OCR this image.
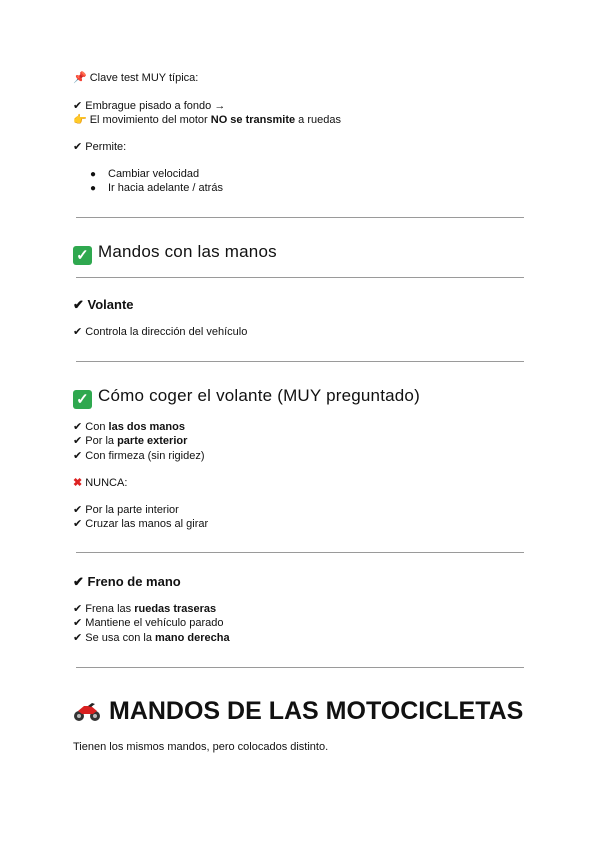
📌 Clave test MUY típica:
✔ Embrague pisado a fondo →
👉 El movimiento del motor NO se transmite a ruedas
✔ Permite:
● Cambiar velocidad
● Ir hacia adelante / atrás
✓ Mandos con las manos
✔ Volante
✔ Controla la dirección del vehículo
✓ Cómo coger el volante (MUY preguntado)
✔ Con las dos manos
✔ Por la parte exterior
✔ Con firmeza (sin rigidez)
✖ NUNCA:
✔ Por la parte interior
✔ Cruzar las manos al girar
✔ Freno de mano
✔ Frena las ruedas traseras
✔ Mantiene el vehículo parado
✔ Se usa con la mano derecha
MANDOS DE LAS MOTOCICLETAS
Tienen los mismos mandos, pero colocados distinto.
